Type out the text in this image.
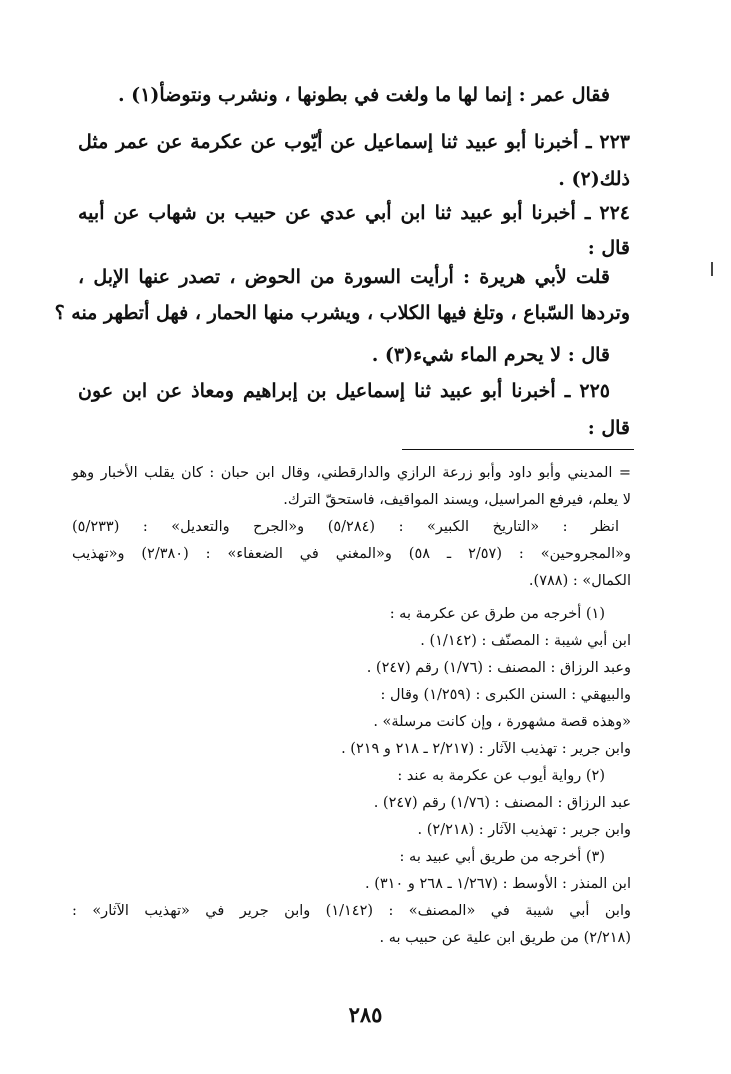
فقال عمر : إنما لها ما ولغت في بطونها ، ونشرب ونتوضأ(١) .
٢٢٣ ـ أخبرنا أبو عبيد ثنا إسماعيل عن أيّوب عن عكرمة عن عمر مثل
ذلك(٢) .
٢٢٤ ـ أخبرنا أبو عبيد ثنا ابن أبي عدي عن حبيب بن شهاب عن أبيه
قال :
قلت لأبي هريرة : أرأيت السورة من الحوض ، تصدر عنها الإبل ،
وتردها السّباع ، وتلغ فيها الكلاب ، ويشرب منها الحمار ، فهل أتطهر منه ؟
قال : لا يحرم الماء شيء(٣) .
٢٢٥ ـ أخبرنا أبو عبيد ثنا إسماعيل بن إبراهيم ومعاذ عن ابن عون
قال :
= المديني وأبو داود وأبو زرعة الرازي والدارقطني، وقال ابن حبان : كان يقلب الأخبار وهو
لا يعلم، فيرفع المراسيل، ويسند المواقيف، فاستحقّ الترك.
انظر : «التاريخ الكبير» : (٥/٢٨٤) و«الجرح والتعديل» : (٥/٢٣٣)
و«المجروحين» : (٢/٥٧ ـ ٥٨) و«المغني في الضعفاء» : (٢/٣٨٠) و«تهذيب
الكمال» : (٧٨٨).
(١) أخرجه من طرق عن عكرمة به :
ابن أبي شيبة : المصنّف : (١/١٤٢) .
وعبد الرزاق : المصنف : (١/٧٦) رقم (٢٤٧) .
والبيهقي : السنن الكبرى : (١/٢٥٩) وقال :
«وهذه قصة مشهورة ، وإن كانت مرسلة» .
وابن جرير : تهذيب الآثار : (٢/٢١٧ ـ ٢١٨ و ٢١٩) .
(٢) رواية أيوب عن عكرمة به عند :
عبد الرزاق : المصنف : (١/٧٦) رقم (٢٤٧) .
وابن جرير : تهذيب الآثار : (٢/٢١٨) .
(٣) أخرجه من طريق أبي عبيد به :
ابن المنذر : الأوسط : (١/٢٦٧ ـ ٢٦٨ و ٣١٠) .
وابن أبي شيبة في «المصنف» : (١/١٤٢) وابن جرير في «تهذيب الآثار» :
(٢/٢١٨) من طريق ابن علية عن حبيب به .
٢٨٥
